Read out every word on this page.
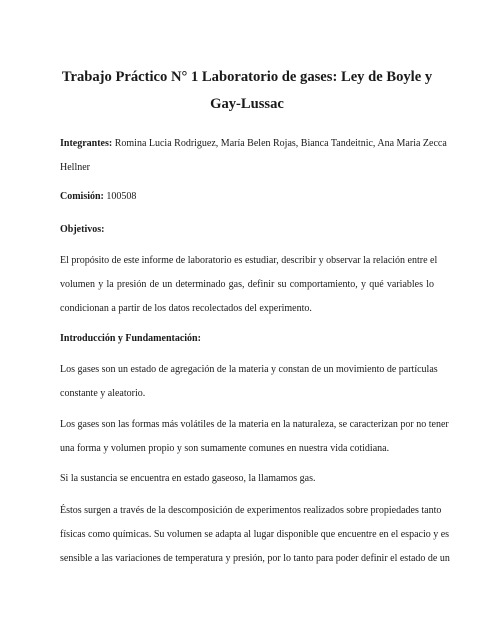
Trabajo Práctico N° 1 Laboratorio de gases: Ley de Boyle y
Gay-Lussac
Integrantes: Romina Lucia Rodriguez, María Belen Rojas, Bianca Tandeitnic, Ana Maria Zecca
Hellner
Comisión: 100508
Objetivos:
El propósito de este informe de laboratorio es estudiar, describir y observar la relación entre el
volumen y la presión de un determinado gas, definir su comportamiento, y qué variables lo
condicionan a partir de los datos recolectados del experimento.
Introducción y Fundamentación:
Los gases son un estado de agregación de la materia y constan de un movimiento de partículas
constante y aleatorio.
Los gases son las formas más volátiles de la materia en la naturaleza, se caracterizan por no tener
una forma y volumen propio y son sumamente comunes en nuestra vida cotidiana.
Si la sustancia se encuentra en estado gaseoso, la llamamos gas.
Éstos surgen a través de la descomposición de experimentos realizados sobre propiedades tanto
físicas como químicas. Su volumen se adapta al lugar disponible que encuentre en el espacio y es
sensible a las variaciones de temperatura y presión, por lo tanto para poder definir el estado de un
